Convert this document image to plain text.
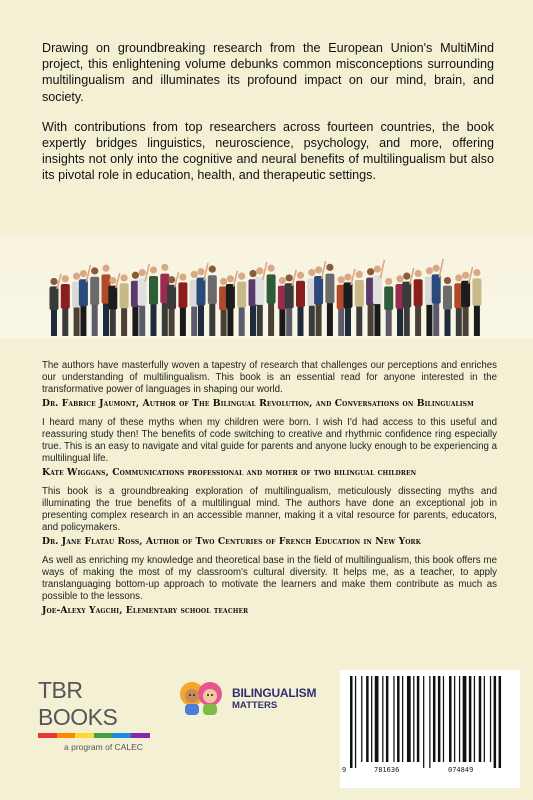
Drawing on groundbreaking research from the European Union's MultiMind project, this enlightening volume debunks common misconceptions surrounding multilingualism and illuminates its profound impact on our mind, brain, and society.

With contributions from top researchers across fourteen countries, the book expertly bridges linguistics, neuroscience, psychology, and more, offering insights not only into the cognitive and neural benefits of multilingualism but also its pivotal role in education, health, and therapeutic settings.

The authors have masterfully woven a tapestry of research that challenges our perceptions and enriches our understanding of multilingualism. This book is an essential read for anyone interested in the transformative power of languages in shaping our world.

Dr. Fabrice Jaumont, Author of The Bilingual Revolution, and Conversations on Bilingualism

I heard many of these myths when my children were born. I wish I'd had access to this useful and reassuring study then! The benefits of code switching to creative and rhythmic confidence ring especially true. This is an easy to navigate and vital guide for parents and anyone lucky enough to be experiencing a multilingual life.

Kate Wiggans, Communications professional and mother of two bilingual children

This book is a groundbreaking exploration of multilingualism, meticulously dissecting myths and illuminating the true benefits of a multilingual mind. The authors have done an exceptional job in presenting complex research in an accessible manner, making it a vital resource for parents, educators, and policymakers.

Dr. Jane Flatau Ross, Author of Two Centuries of French Education in New York

As well as enriching my knowledge and theoretical base in the field of multilingualism, this book offers me ways of making the most of my classroom's cultural diversity. It helps me, as a teacher, to apply translanguaging bottom-up approach to motivate the learners and make them contribute as much as possible to the lessons.

Joe-Alexy Yagchi, Elementary school teacher

TBR BOOKS
a program of CALEC
BILINGUALISM
MATTERS
9	781636	074849
